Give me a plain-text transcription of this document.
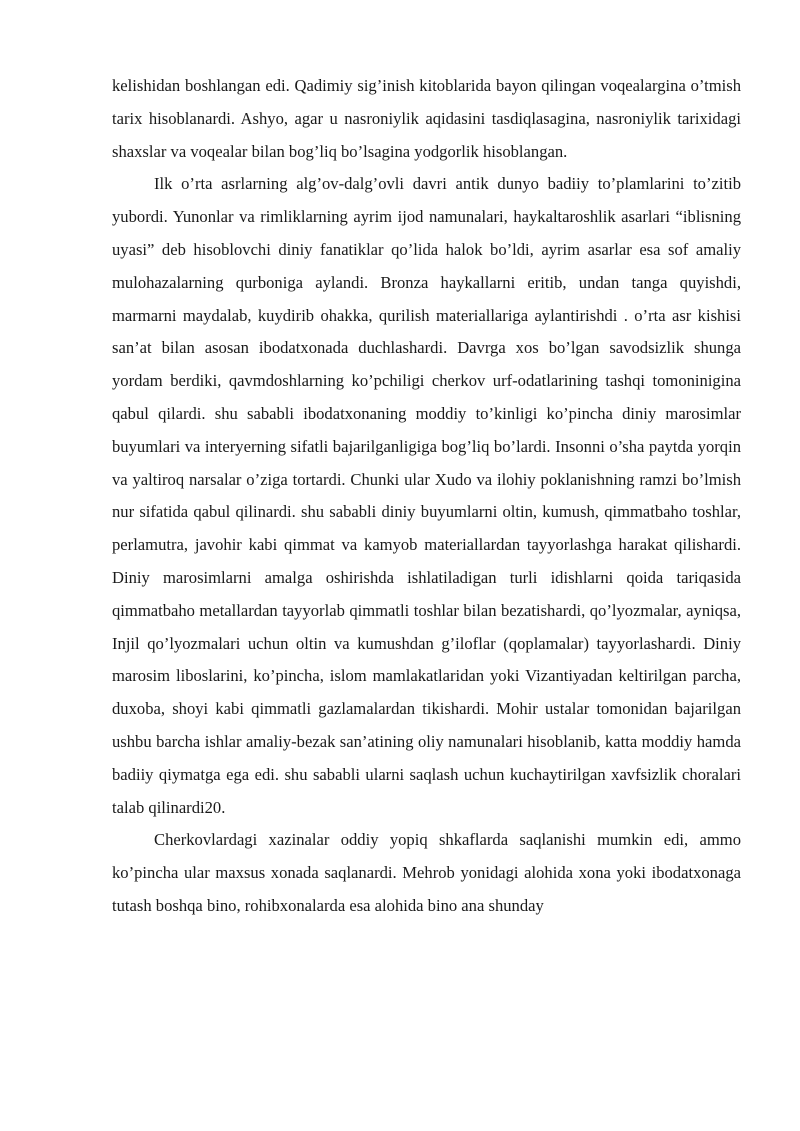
kelishidan boshlangan edi. Qadimiy sig’inish kitoblarida bayon qilingan voqealargina o’tmish tarix hisoblanardi. Ashyo, agar u nasroniylik aqidasini tasdiqlasagina, nasroniylik tarixidagi shaxslar va voqealar bilan bog’liq bo’lsagina yodgorlik hisoblangan.

Ilk o’rta asrlarning alg’ov-dalg’ovli davri antik dunyo badiiy to’plamlarini to’zitib yubordi. Yunonlar va rimliklarning ayrim ijod namunalari, haykaltaroshlik asarlari “iblisning uyasi” deb hisoblovchi diniy fanatiklar qo’lida halok bo’ldi, ayrim asarlar esa sof amaliy mulohazalarning qurboniga aylandi. Bronza haykallarni eritib, undan tanga quyishdi, marmarni maydalab, kuydirib ohakka, qurilish materiallariga aylantirishdi . o’rta asr kishisi san’at bilan asosan ibodatxonada duchlashardi. Davrga xos bo’lgan savodsizlik shunga yordam berdiki, qavmdoshlarning ko’pchiligi cherkov urf-odatlarining tashqi tomoninigina qabul qilardi. shu sababli ibodatxonaning moddiy to’kinligi ko’pincha diniy marosimlar buyumlari va interyerning sifatli bajarilganligiga bog’liq bo’lardi. Insonni o’sha paytda yorqin va yaltiroq narsalar o’ziga tortardi. Chunki ular Xudo va ilohiy poklanishning ramzi bo’lmish nur sifatida qabul qilinardi. shu sababli diniy buyumlarni oltin, kumush, qimmatbaho toshlar, perlamutra, javohir kabi qimmat va kamyob materiallardan tayyorlashga harakat qilishardi. Diniy marosimlarni amalga oshirishda ishlatiladigan turli idishlarni qoida tariqasida qimmatbaho metallardan tayyorlab qimmatli toshlar bilan bezatishardi, qo’lyozmalar, ayniqsa, Injil qo’lyozmalari uchun oltin va kumushdan g’iloflar (qoplamalar) tayyorlashardi. Diniy marosim liboslarini, ko’pincha, islom mamlakatlaridan yoki Vizantiyadan keltirilgan parcha, duxoba, shoyi kabi qimmatli gazlamalardan tikishardi. Mohir ustalar tomonidan bajarilgan ushbu barcha ishlar amaliy-bezak san’atining oliy namunalari hisoblanib, katta moddiy hamda badiiy qiymatga ega edi. shu sababli ularni saqlash uchun kuchaytirilgan xavfsizlik choralari talab qilinardi20.

Cherkovlardagi xazinalar oddiy yopiq shkaflarda saqlanishi mumkin edi, ammo ko’pincha ular maxsus xonada saqlanardi. Mehrob yonidagi alohida xona yoki ibodatxonaga tutash boshqa bino, rohibxonalarda esa alohida bino ana shunday
